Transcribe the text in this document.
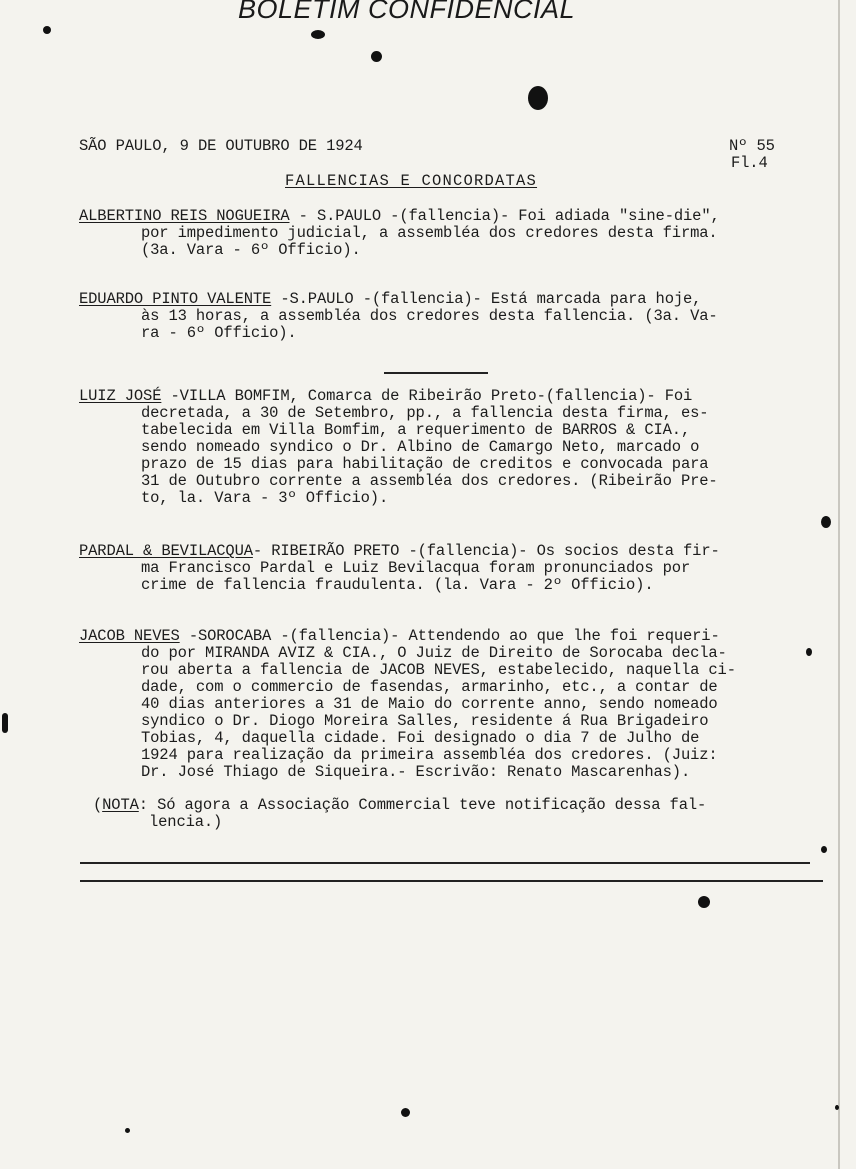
BOLETIM CONFIDENCIAL
SÃO PAULO, 9 DE OUTUBRO DE 1924	Nº 55
Fl.4
FALLENCIAS E CONCORDATAS
ALBERTINO REIS NOGUEIRA - S.PAULO -(fallencia)- Foi adiada "sine-die",
por impedimento judicial, a assembléa dos credores desta firma.
(3a. Vara - 6º Officio).
EDUARDO PINTO VALENTE -S.PAULO -(fallencia)- Está marcada para hoje,
às 13 horas, a assembléa dos credores desta fallencia. (3a. Va-
ra - 6º Officio).
LUIZ JOSÉ -VILLA BOMFIM, Comarca de Ribeirão Preto-(fallencia)- Foi
decretada, a 30 de Setembro, pp., a fallencia desta firma, es-
tabelecida em Villa Bomfim, a requerimento de BARROS & CIA.,
sendo nomeado syndico o Dr. Albino de Camargo Neto, marcado o
prazo de 15 dias para habilitação de creditos e convocada para
31 de Outubro corrente a assembléa dos credores. (Ribeirão Pre-
to, la. Vara - 3º Officio).
PARDAL & BEVILACQUA- RIBEIRÃO PRETO -(fallencia)- Os socios desta fir-
ma Francisco Pardal e Luiz Bevilacqua foram pronunciados por
crime de fallencia fraudulenta. (la. Vara - 2º Officio).
JACOB NEVES -SOROCABA -(fallencia)- Attendendo ao que lhe foi requeri-
do por MIRANDA AVIZ & CIA., O Juiz de Direito de Sorocaba decla-
rou aberta a fallencia de JACOB NEVES, estabelecido, naquella ci-
dade, com o commercio de fasendas, armarinho, etc., a contar de
40 dias anteriores a 31 de Maio do corrente anno, sendo nomeado
syndico o Dr. Diogo Moreira Salles, residente á Rua Brigadeiro
Tobias, 4, daquella cidade. Foi designado o dia 7 de Julho de
1924 para realização da primeira assembléa dos credores. (Juiz:
Dr. José Thiago de Siqueira.- Escrivão: Renato Mascarenhas).
(NOTA: Só agora a Associação Commercial teve notificação dessa fal-
lencia.)
